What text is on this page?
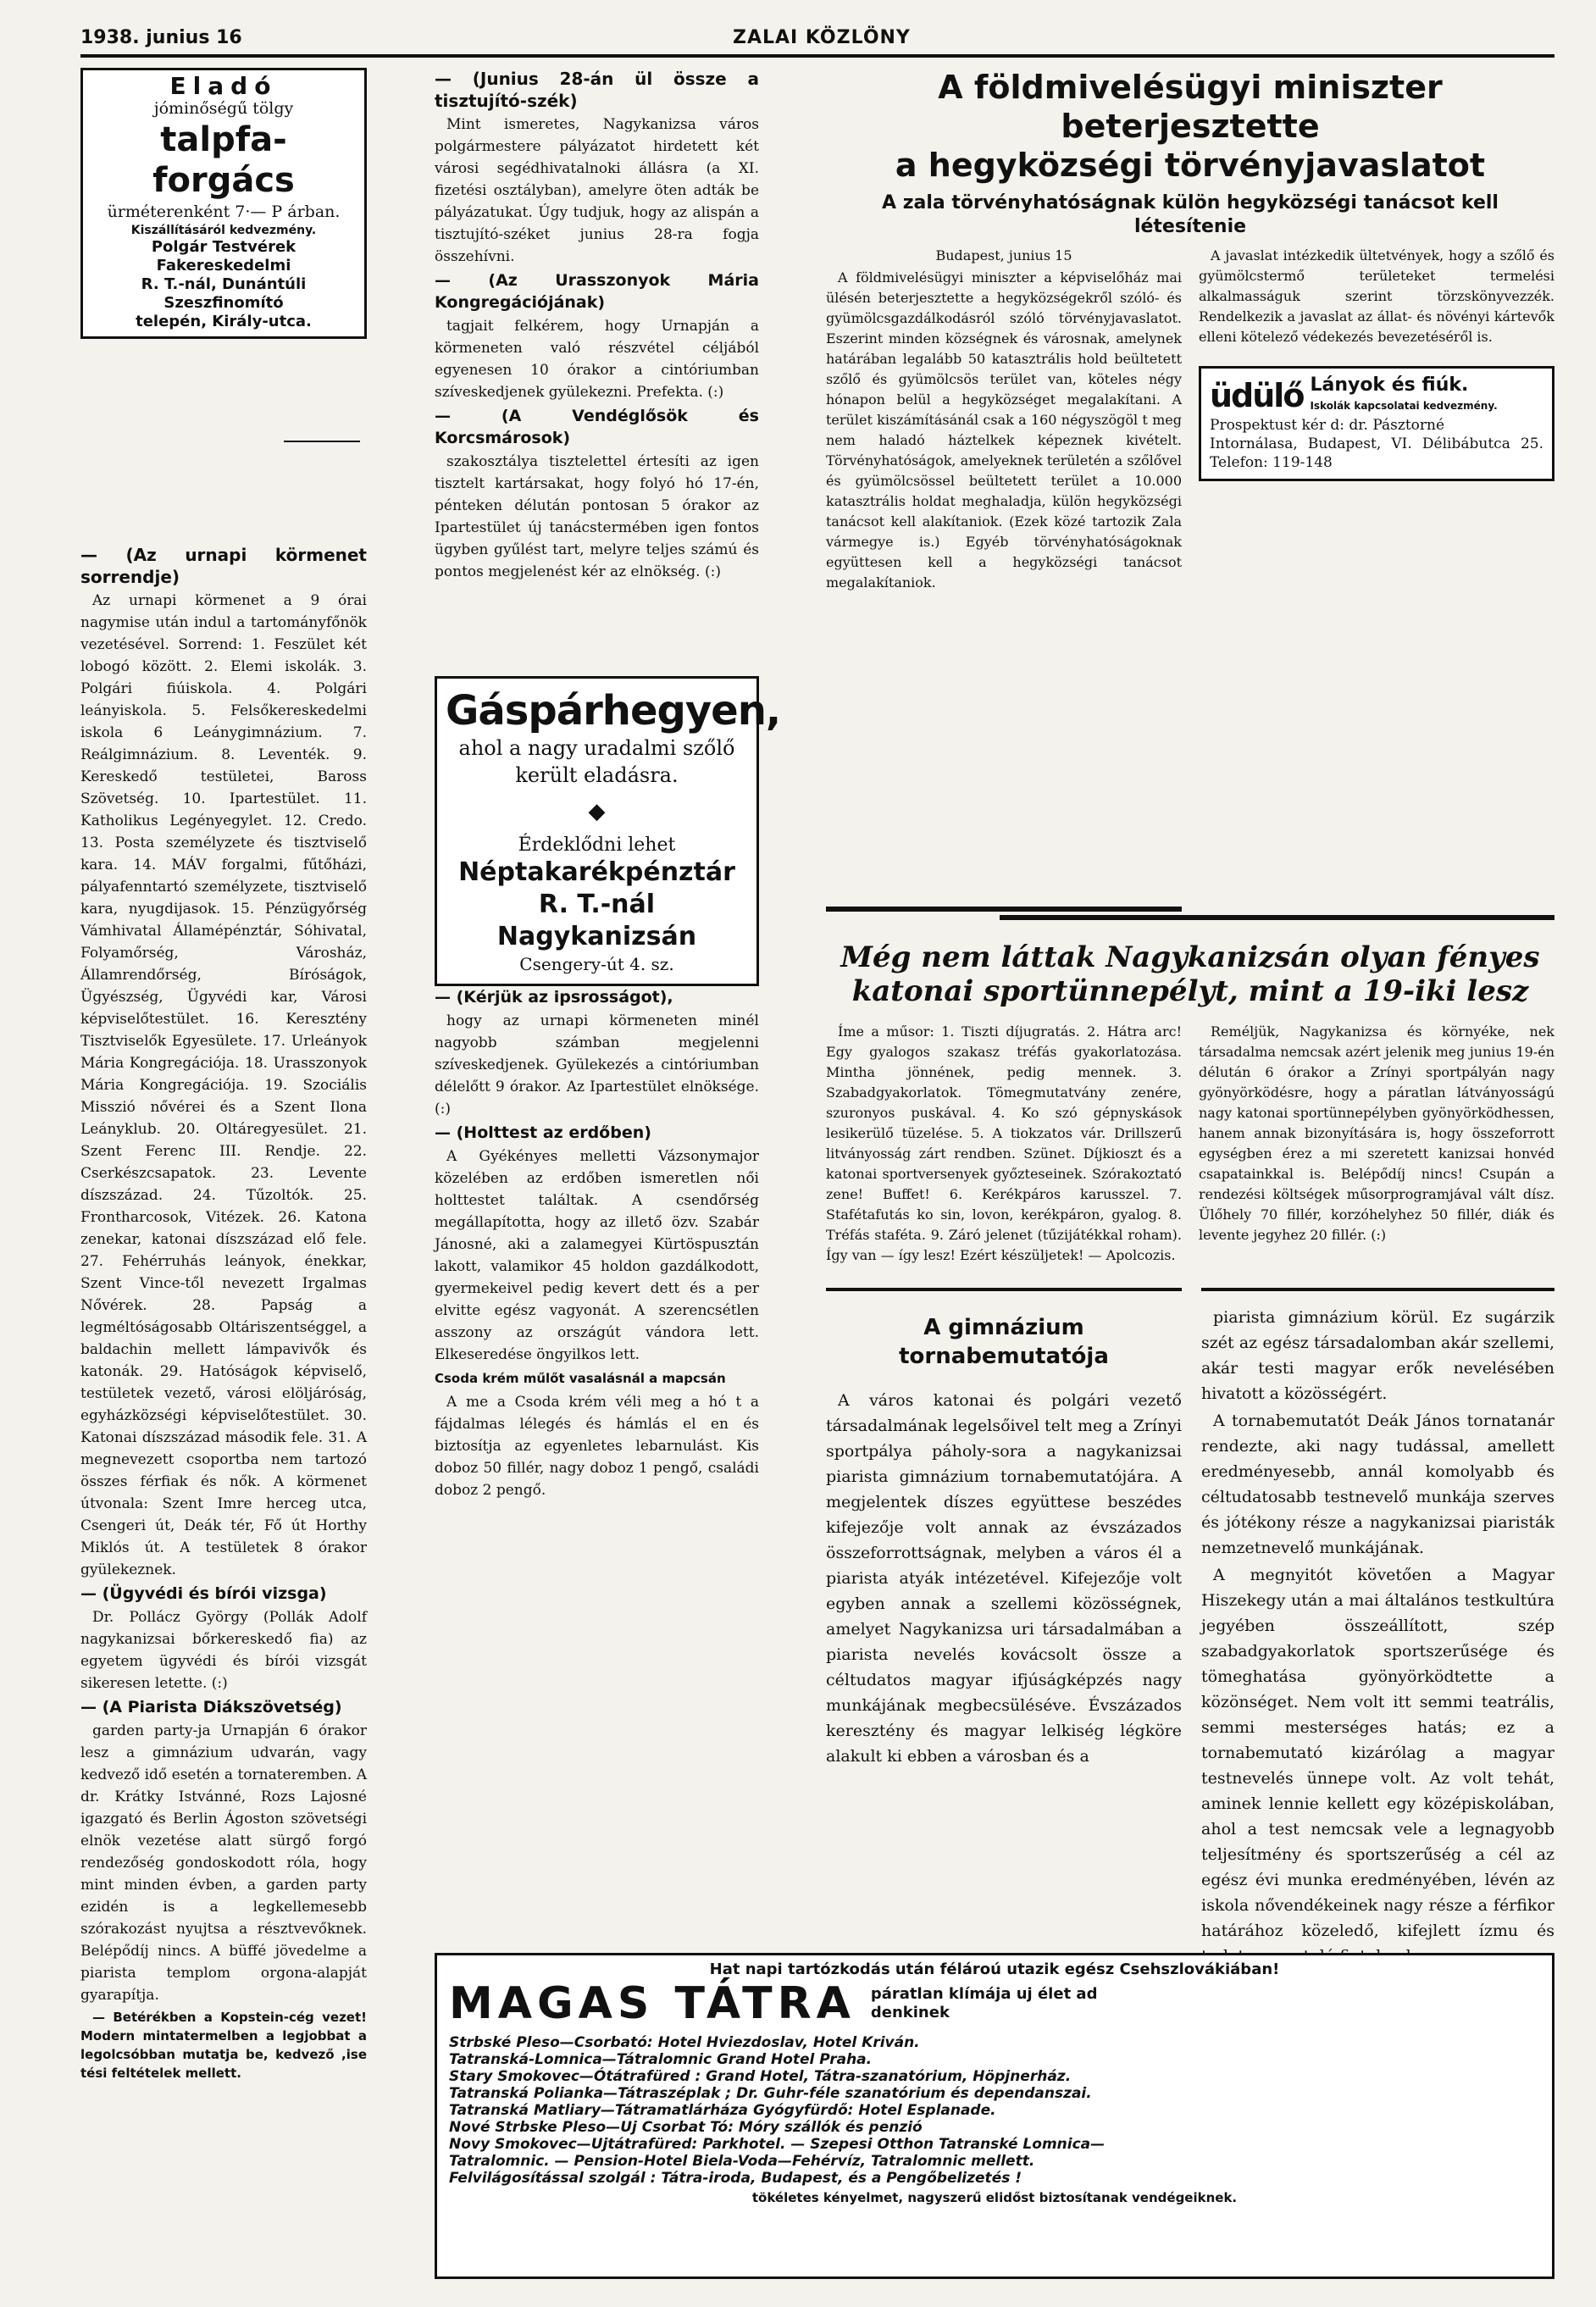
1938. junius 16	ZALAI KÖZLÖNY
Eladó
jóminőségű tölgy
talpfa-forgács
ürméterenként 7·— P árban.
Kiszállításáról kedvezmény.
Polgár Testvérek Fakereskedelmi
R. T.-nál, Dunántúli Szeszfinomító
telepén, Király-utca.

— (Az urnapi körmenet sorrendje)

Az urnapi körmenet a 9 órai nagymise után indul a tartományfőnök vezetésével. Sorrend: 1. Feszület két lobogó között. 2. Elemi iskolák. 3. Polgári fiúiskola. 4. Polgári leányiskola. 5. Felsőkereskedelmi iskola 6 Leánygimnázium. 7. Reálgimnázium. 8. Leventék. 9. Kereskedő testületei, Baross Szövetség. 10. Ipartestület. 11. Katholikus Legényegylet. 12. Credo. 13. Posta személyzete és tisztviselő kara. 14. MÁV forgalmi, fűtőházi, pályafenntartó személyzete, tisztviselő kara, nyugdijasok. 15. Pénzügyőrség Vámhivatal Államépénztár, Sóhivatal, Folyamőrség, Városház, Államrendőrség, Bíróságok, Ügyészség, Ügyvédi kar, Városi képviselőtestület. 16. Keresztény Tisztviselők Egyesülete. 17. Urleányok Mária Kongregációja. 18. Urasszonyok Mária Kongregációja. 19. Szociális Misszió nővérei és a Szent Ilona Leányklub. 20. Oltáregyesület. 21. Szent Ferenc III. Rendje. 22. Cserkészcsapatok. 23. Levente díszszázad. 24. Tűzoltók. 25. Frontharcosok, Vitézek. 26. Katona zenekar, katonai díszszázad elő fele. 27. Fehérruhás leányok, énekkar, Szent Vince-től nevezett Irgalmas Nővérek. 28. Papság a legméltóságosabb Oltáriszentséggel, a baldachin mellett lámpavivők és katonák. 29. Hatóságok képviselő, testületek vezető, városi elöljáróság, egyházközségi képviselőtestület. 30. Katonai díszszázad második fele. 31. A megnevezett csoportba nem tartozó összes férfiak és nők. A körmenet útvonala: Szent Imre herceg utca, Csengeri út, Deák tér, Fő út Horthy Miklós út. A testületek 8 órakor gyülekeznek.

— (Ügyvédi és bírói vizsga)

Dr. Pollácz György (Pollák Adolf nagykanizsai bőrkereskedő fia) az egyetem ügyvédi és bírói vizsgát sikeresen letette. (:)

— (A Piarista Diákszövetség)

garden party-ja Urnapján 6 órakor lesz a gimnázium udvarán, vagy kedvező idő esetén a tornateremben. A dr. Krátky Istvánné, Rozs Lajosné igazgató és Berlin Ágoston szövetségi elnök vezetése alatt sürgő forgó rendezőség gondoskodott róla, hogy mint minden évben, a garden party ezidén is a legkellemesebb szórakozást nyujtsa a résztvevőknek. Belépődíj nincs. A büffé jövedelme a piarista templom orgona-alapját gyarapítja.

— Betérékben a Kopstein-cég vezet! Modern mintatermelben a legjobbat a legolcsóbban mutatja be, kedvező ,ise tési feltételek mellett.

— (Junius 28-án ül össze a tisztujító-szék)

Mint ismeretes, Nagykanizsa város polgármestere pályázatot hirdetett két városi segédhivatalnoki állásra (a XI. fizetési osztályban), amelyre öten adták be pályázatukat. Úgy tudjuk, hogy az alispán a tisztujító-széket junius 28-ra fogja összehívni.

— (Az Urasszonyok Mária Kongregációjának)

tagjait felkérem, hogy Urnapján a körmeneten való részvétel céljából egyenesen 10 órakor a cintóriumban szíveskedjenek gyülekezni. Prefekta. (:)

— (A Vendéglősök és Korcsmárosok)

szakosztálya tisztelettel értesíti az igen tisztelt kartársakat, hogy folyó hó 17-én, pénteken délután pontosan 5 órakor az Ipartestület új tanácstermében igen fontos ügyben gyűlést tart, melyre teljes számú és pontos megjelenést kér az elnökség. (:)

Gáspárhegyen,
ahol a nagy uradalmi szőlő került eladásra.
◆
Érdeklődni lehet
Néptakarékpénztár
R. T.-nál Nagykanizsán
Csengery-út 4. sz.

— (Kérjük az ipsrosságot),

hogy az urnapi körmeneten minél nagyobb számban megjelenni szíveskedjenek. Gyülekezés a cintóriumban délelőtt 9 órakor. Az Ipartestület elnöksége. (:)

— (Holttest az erdőben)

A Gyékényes melletti Vázsonymajor közelében az erdőben ismeretlen női holttestet találtak. A csendőrség megállapította, hogy az illető özv. Szabár Jánosné, aki a zalamegyei Kürtöspusztán lakott, valamikor 45 holdon gazdálkodott, gyermekeivel pedig kevert dett és a per elvitte egész vagyonát. A szerencsétlen asszony az országút vándora lett. Elkeseredése öngyilkos lett.

Csoda krém műlőt vasalásnál a mapcsán

A me a Csoda krém véli meg a hó t a fájdalmas lélegés és hámlás el en és biztosítja az egyenletes lebarnulást. Kis doboz 50 fillér, nagy doboz 1 pengő, családi doboz 2 pengő.

A földmivelésügyi miniszter beterjesztette
a hegyközségi törvényjavaslatot
A zala törvényhatóságnak külön hegyközségi tanácsot kell létesítenie

Budapest, junius 15

A földmivelésügyi miniszter a képviselőház mai ülésén beterjesztette a hegyközségekről szóló- és gyümölcsgazdálkodásról szóló törvényjavaslatot. Eszerint minden községnek és városnak, amelynek határában legalább 50 katasztrális hold beültetett szőlő és gyümölcsös terület van, köteles négy hónapon belül a hegyközséget megalakítani. A terület kiszámításánál csak a 160 négyszögöl t meg nem haladó háztelkek képeznek kivételt. Törvényhatóságok, amelyeknek területén a szőlővel és gyümölcsössel beültetett terület a 10.000 katasztrális holdat meghaladja, külön hegyközségi tanácsot kell alakítaniok. (Ezek közé tartozik Zala vármegye is.) Egyéb törvényhatóságoknak együttesen kell a hegyközségi tanácsot megalakítaniok.

A javaslat intézkedik ültetvények, hogy a szőlő és gyümölcstermő területeket termelési alkalmasságuk szerint törzskönyvezzék. Rendelkezik a javaslat az állat- és növényi kártevők elleni kötelező védekezés bevezetéséről is.

üdülő Lányok és fiúk.
Iskolák kapcsolatai kedvezmény.
Prospektust kér d: dr. Pásztorné
Intornálasa, Budapest, VI. Délibábutca 25. Telefon: 119-148
Még nem láttak Nagykanizsán olyan fényes
katonai sportünnepélyt, mint a 19-iki lesz

Íme a műsor: 1. Tiszti díjugratás. 2. Hátra arc! Egy gyalogos szakasz tréfás gyakorlatozása. Mintha jönnének, pedig mennek. 3. Szabadgyakorlatok. Tömegmutatvány zenére, szuronyos puskával. 4. Ko szó gépnyskások lesikerülő tüzelése. 5. A tiokzatos vár. Drillszerű litványosság zárt rendben. Szünet. Díjkioszt és a katonai sportversenyek győzteseinek. Szórakoztató zene! Buffet! 6. Kerékpáros karusszel. 7. Stafétafutás ko sin, lovon, kerékpáron, gyalog. 8. Tréfás staféta. 9. Záró jelenet (tűzijátékkal roham). Így van — így lesz! Ezért készüljetek! — Apolcozis.

Reméljük, Nagykanizsa és környéke, nek társadalma nemcsak azért jelenik meg junius 19-én délután 6 órakor a Zrínyi sportpályán nagy gyönyörködésre, hogy a páratlan látványosságú nagy katonai sportünnepélyben gyönyörködhessen, hanem annak bizonyítására is, hogy összeforrott egységben érez a mi szeretett kanizsai honvéd csapatainkkal is. Belépődíj nincs! Csupán a rendezési költségek műsorprogramjával vált dísz. Ülőhely 70 fillér, korzóhelyhez 50 fillér, diák és levente jegyhez 20 fillér. (:)

A gimnázium tornabemutatója

A város katonai és polgári vezető társadalmának legelsőivel telt meg a Zrínyi sportpálya páholy-sora a nagykanizsai piarista gimnázium tornabemutatójára. A megjelentek díszes együttese beszédes kifejezője volt annak az évszázados összeforrottságnak, melyben a város él a piarista atyák intézetével. Kifejezője volt egyben annak a szellemi közösségnek, amelyet Nagykanizsa uri társadalmában a piarista nevelés kovácsolt össze a céltudatos magyar ifjúságképzés nagy munkájának megbecsüléséve. Évszázados keresztény és magyar lelkiség légköre alakult ki ebben a városban és a

piarista gimnázium körül. Ez sugárzik szét az egész társadalomban akár szellemi, akár testi magyar erők nevelésében hivatott a közösségért.

A tornabemutatót Deák János tornatanár rendezte, aki nagy tudással, amellett eredményesebb, annál komolyabb és céltudatosabb testnevelő munkája szerves és jótékony része a nagykanizsai piaristák nemzetnevelő munkájának.

A megnyitót követően a Magyar Hiszekegy után a mai általános testkultúra jegyében összeállított, szép szabadgyakorlatok sportszerűsége és tömeghatása gyönyörködtette a közönséget. Nem volt itt semmi teatrális, semmi mesterséges hatás; ez a tornabemutató kizárólag a magyar testnevelés ünnepe volt. Az volt tehát, aminek lennie kellett egy középiskolában, ahol a test nemcsak vele a legnagyobb teljesítmény és sportszerűség a cél az egész évi munka eredményében, lévén az iskola nővendékeinek nagy része a férfikor határához közeledő, kifejlett ízmu és

Hat napi tartózkodás után félároú utazik egész Csehszlovákiában!
MAGAS TÁTRA páratlan klímája uj élet ad
denkinek
Strbské Pleso—Csorbató: Hotel Hviezdoslav, Hotel Kriván.
Tatranská-Lomnica—Tátralomnic Grand Hotel Praha.
Stary Smokovec—Ótátrafüred : Grand Hotel, Tátra-szanatórium, Höpjnerház.
Tatranská Polianka—Tátraszéplak ; Dr. Guhr-féle szanatórium és dependanszai.
Tatranská Matliary—Tátramatlárháza Gyógyfürdő: Hotel Esplanade.
Nové Strbske Pleso—Uj Csorbat Tó: Móry szállók és penzió
Novy Smokovec—Ujtátrafüred: Parkhotel. — Szepesi Otthon Tatranské Lomnica—
Tatralomnic. — Pension-Hotel Biela-Voda—Fehérvíz, Tatralomnic mellett.
Felvilágosítással szolgál : Tátra-iroda, Budapest, és a Pengőbelizetés !
tökéletes kényelmet, nagyszerű elidőst biztosítanak vendégeiknek.
